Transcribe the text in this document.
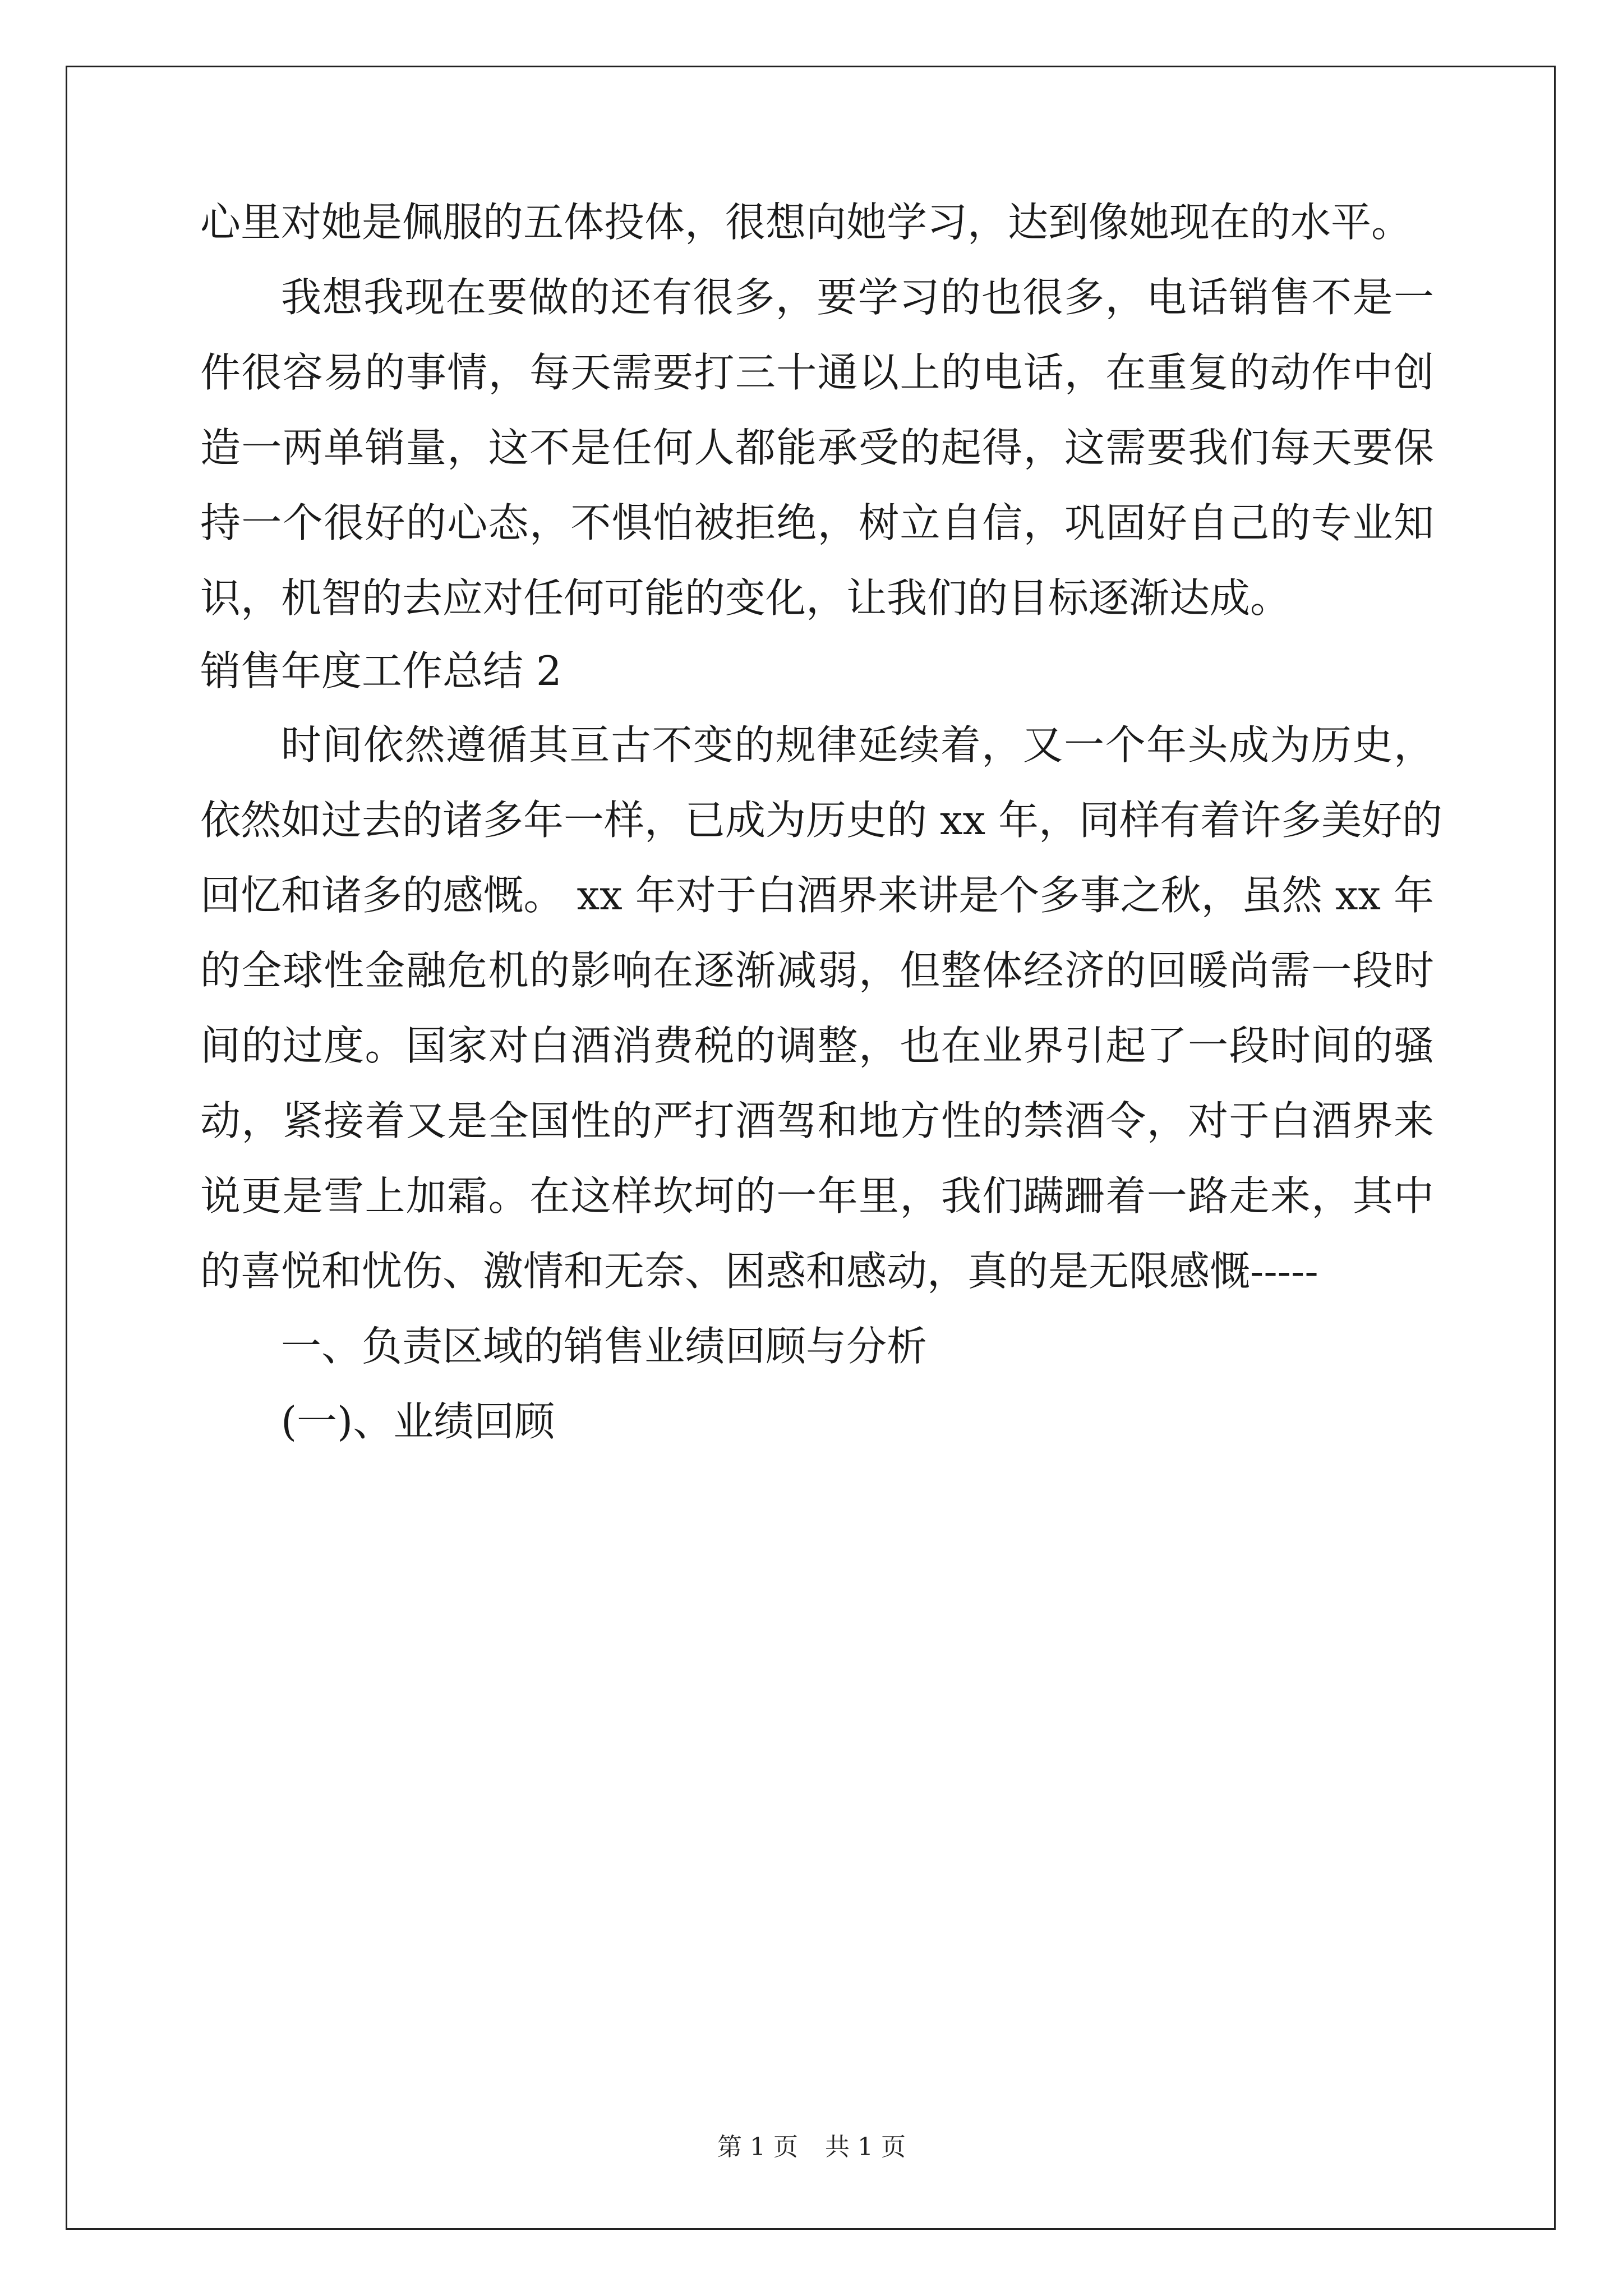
心里对她是佩服的五体投体，很想向她学习，达到像她现在的水平。
我想我现在要做的还有很多，要学习的也很多，电话销售不是一
件很容易的事情，每天需要打三十通以上的电话，在重复的动作中创
造一两单销量，这不是任何人都能承受的起得，这需要我们每天要保
持一个很好的心态，不惧怕被拒绝，树立自信，巩固好自己的专业知
识，机智的去应对任何可能的变化，让我们的目标逐渐达成。
销售年度工作总结 2
时间依然遵循其亘古不变的规律延续着，又一个年头成为历史，
依然如过去的诸多年一样，已成为历史的 xx 年，同样有着许多美好的
回忆和诸多的感慨。 xx 年对于白酒界来讲是个多事之秋，虽然 xx 年
的全球性金融危机的影响在逐渐减弱，但整体经济的回暖尚需一段时
间的过度。国家对白酒消费税的调整，也在业界引起了一段时间的骚
动，紧接着又是全国性的严打酒驾和地方性的禁酒令，对于白酒界来
说更是雪上加霜。在这样坎坷的一年里，我们蹒跚着一路走来，其中
的喜悦和忧伤、激情和无奈、困惑和感动，真的是无限感慨-----
一、负责区域的销售业绩回顾与分析
(一)、业绩回顾
第 1 页 共 1 页
